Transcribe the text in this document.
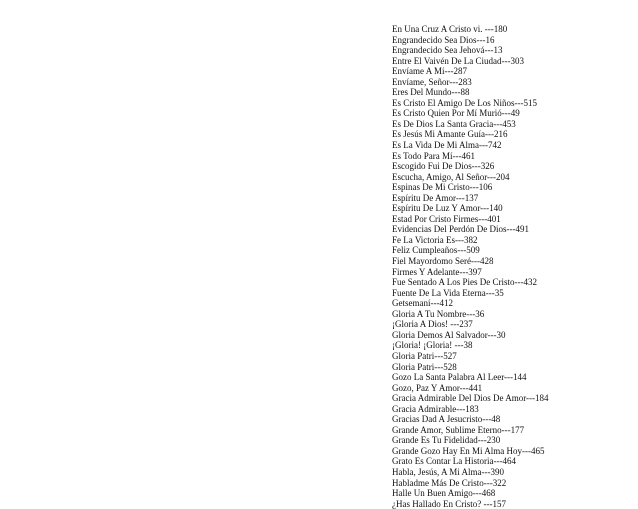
En Una Cruz A Cristo vi. ---180
Engrandecido Sea Dios---16
Engrandecido Sea Jehová---13
Entre El Vaivén De La Ciudad---303
Envíame A Mí---287
Envíame, Señor---283
Eres Del Mundo---88
Es Cristo El Amigo De Los Niños---515
Es Cristo Quien Por Mí Murió---49
Es De Dios La Santa Gracia---453
Es Jesús Mi Amante Guía---216
Es La Vida De Mi Alma---742
Es Todo Para Mí---461
Escogido Fui De Dios---326
Escucha, Amigo, Al Señor---204
Espinas De Mi Cristo---106
Espíritu De Amor---137
Espíritu De Luz Y Amor---140
Estad Por Cristo Firmes---401
Evidencias Del Perdón De Dios---491
Fe La Victoria Es---382
Feliz Cumpleaños---509
Fiel Mayordomo Seré---428
Firmes Y Adelante---397
Fue Sentado A Los Pies De Cristo---432
Fuente De La Vida Eterna---35
Getsemaní---412
Gloria A Tu Nombre---36
¡Gloria A Dios! ---237
Gloria Demos Al Salvador---30
¡Gloria! ¡Gloria! ---38
Gloria Patri---527
Gloria Patri---528
Gozo La Santa Palabra Al Leer---144
Gozo, Paz Y Amor---441
Gracia Admirable Del Dios De Amor---184
Gracia Admirable---183
Gracias Dad A Jesucristo---48
Grande Amor, Sublime Eterno---177
Grande Es Tu Fidelidad---230
Grande Gozo Hay En Mi Alma Hoy---465
Grato Es Contar La Historia---464
Habla, Jesús, A Mi Alma---390
Habladme Más De Cristo---322
Halle Un Buen Amigo---468
¿Has Hallado En Cristo? ---157
